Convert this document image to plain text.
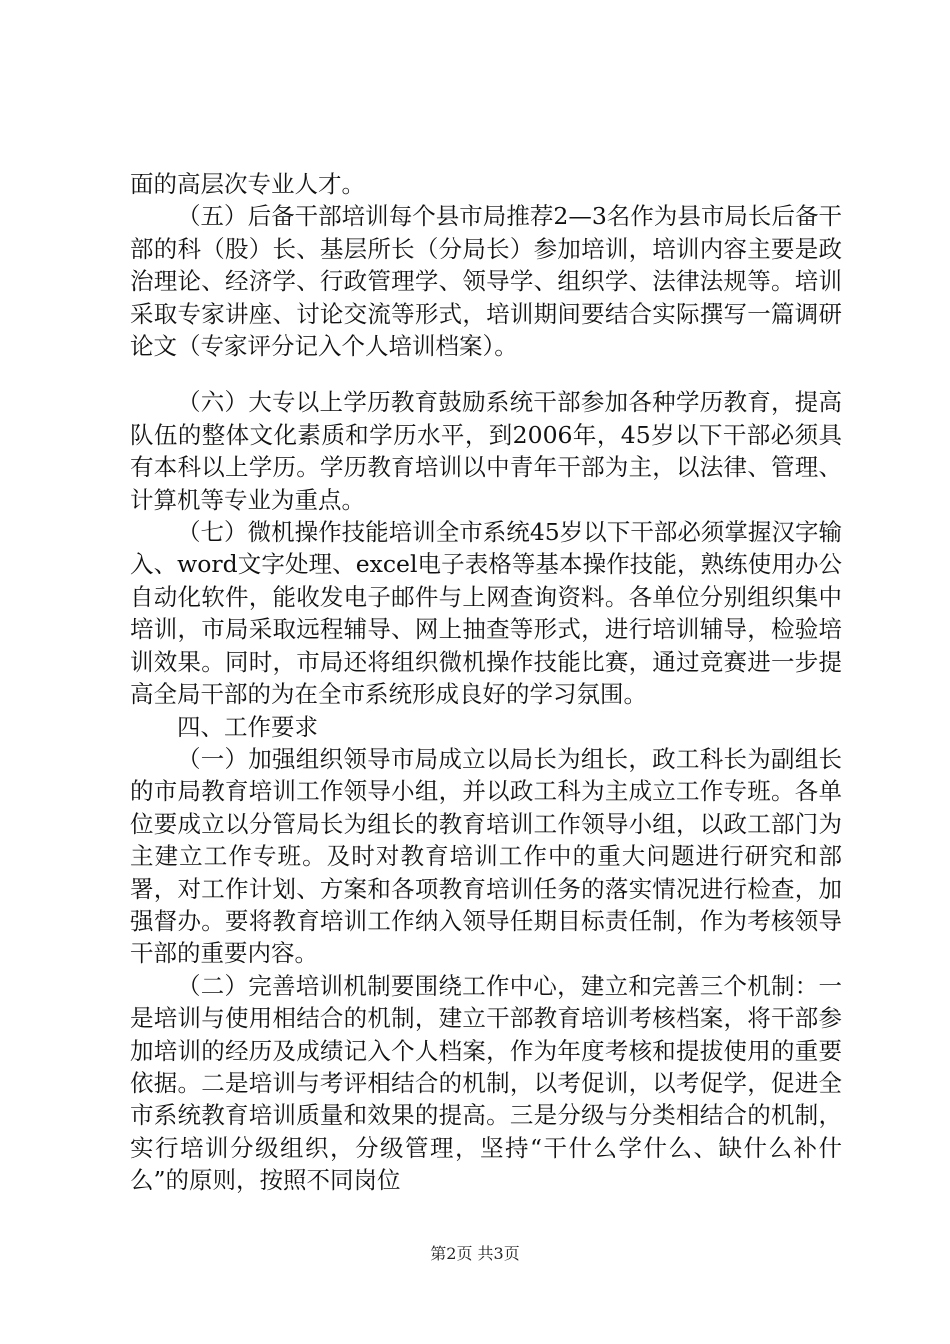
面的高层次专业人才。

（五）后备干部培训每个县市局推荐2—3名作为县市局长后备干部的科（股）长、基层所长（分局长）参加培训，培训内容主要是政治理论、经济学、行政管理学、领导学、组织学、法律法规等。培训采取专家讲座、讨论交流等形式，培训期间要结合实际撰写一篇调研论文（专家评分记入个人培训档案）。

（六）大专以上学历教育鼓励系统干部参加各种学历教育，提高队伍的整体文化素质和学历水平，到2006年，45岁以下干部必须具有本科以上学历。学历教育培训以中青年干部为主，以法律、管理、计算机等专业为重点。

（七）微机操作技能培训全市系统45岁以下干部必须掌握汉字输入、word文字处理、excel电子表格等基本操作技能，熟练使用办公自动化软件，能收发电子邮件与上网查询资料。各单位分别组织集中培训，市局采取远程辅导、网上抽查等形式，进行培训辅导，检验培训效果。同时，市局还将组织微机操作技能比赛，通过竞赛进一步提高全局干部的为在全市系统形成良好的学习氛围。

四、工作要求

（一）加强组织领导市局成立以局长为组长，政工科长为副组长的市局教育培训工作领导小组，并以政工科为主成立工作专班。各单位要成立以分管局长为组长的教育培训工作领导小组，以政工部门为主建立工作专班。及时对教育培训工作中的重大问题进行研究和部署，对工作计划、方案和各项教育培训任务的落实情况进行检查，加强督办。要将教育培训工作纳入领导任期目标责任制，作为考核领导干部的重要内容。

（二）完善培训机制要围绕工作中心，建立和完善三个机制：一是培训与使用相结合的机制，建立干部教育培训考核档案，将干部参加培训的经历及成绩记入个人档案，作为年度考核和提拔使用的重要依据。二是培训与考评相结合的机制，以考促训，以考促学，促进全市系统教育培训质量和效果的提高。三是分级与分类相结合的机制，实行培训分级组织，分级管理，坚持“干什么学什么、缺什么补什么”的原则，按照不同岗位

第2页 共3页
